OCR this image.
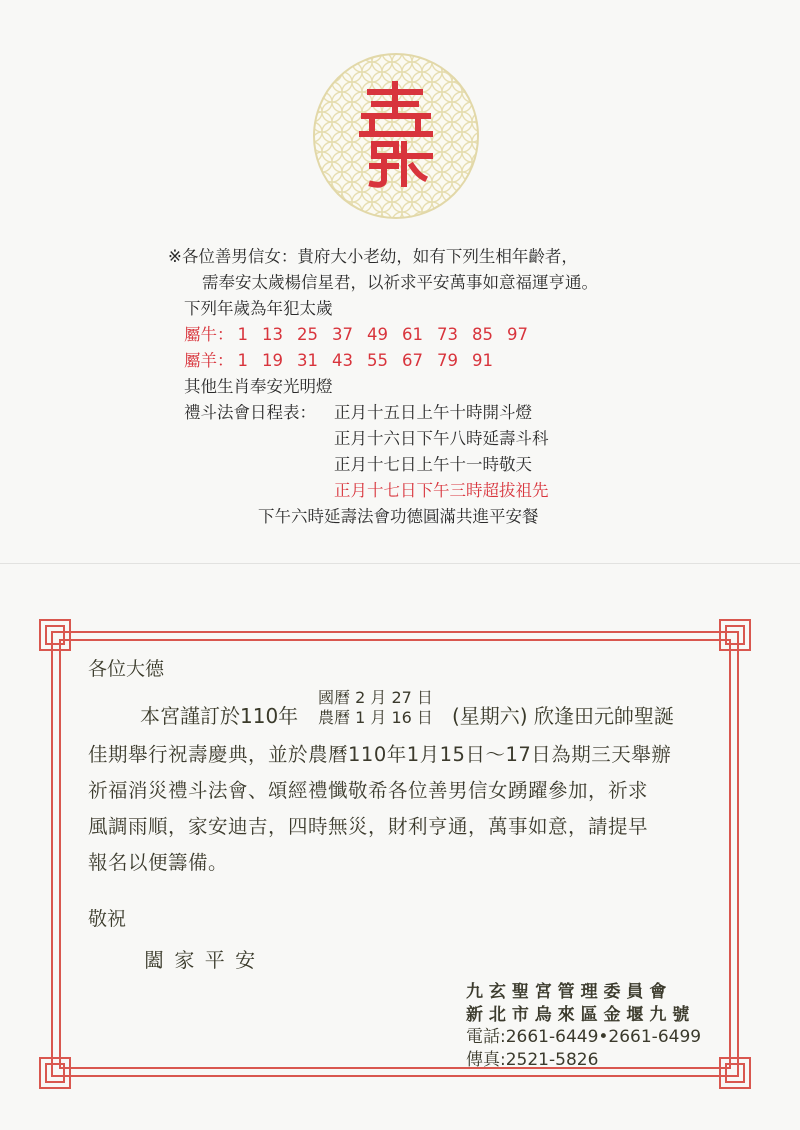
※各位善男信女：貴府大小老幼，如有下列生相年齡者，
需奉安太歲楊信星君，以祈求平安萬事如意福運亨通。
下列年歲為年犯太歲
屬牛： 1 13 25 37 49 61 73 85 97
屬羊： 1 19 31 43 55 67 79 91
其他生肖奉安光明燈
禮斗法會日程表： 正月十五日上午十時開斗燈
正月十六日下午八時延壽斗科
正月十七日上午十一時敬天
正月十七日下午三時超拔祖先
下午六時延壽法會功德圓滿共進平安餐
各位大德
本宮謹訂於110年
國曆 2 月 27 日
農曆 1 月 16 日 (星期六) 欣逢田元帥聖誕
佳期舉行祝壽慶典，並於農曆110年1月15日～17日為期三天舉辦
祈福消災禮斗法會、頌經禮懺敬希各位善男信女踴躍參加，祈求
風調雨順，家安迪吉，四時無災，財利亨通，萬事如意，請提早
報名以便籌備。
敬祝
闔 家 平 安
九 玄 聖 宮 管 理 委 員 會
新 北 市 烏 來 區 金 堰 九 號
電話:2661-6449•2661-6499
傳真:2521-5826
